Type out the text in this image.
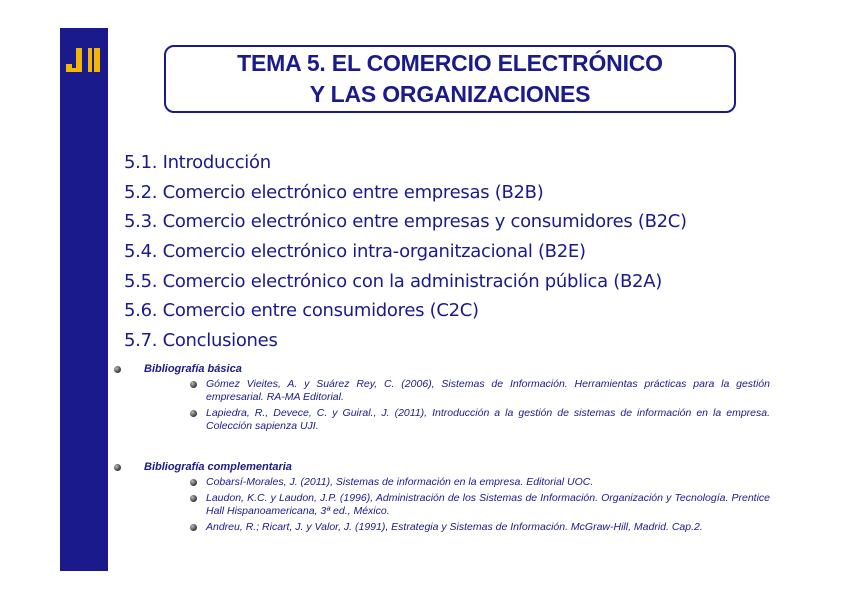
TEMA 5. EL COMERCIO ELECTRÓNICO
Y LAS ORGANIZACIONES
5.1. Introducción
5.2. Comercio electrónico entre empresas (B2B)
5.3. Comercio electrónico entre empresas y consumidores (B2C)
5.4. Comercio electrónico intra-organitzacional (B2E)
5.5. Comercio electrónico con la administración pública (B2A)
5.6. Comercio entre consumidores (C2C)
5.7. Conclusiones
Bibliografía básica
Gómez Vieites, A. y Suárez Rey, C. (2006), Sistemas de Información. Herramientas prácticas para la gestión empresarial. RA-MA Editorial.
Lapiedra, R., Devece, C. y Guiral., J. (2011), Introducción a la gestión de sistemas de información en la empresa. Colección sapienza UJI.
Bibliografía complementaria
Cobarsí-Morales, J. (2011), Sistemas de información en la empresa. Editorial UOC.
Laudon, K.C. y Laudon, J.P. (1996), Administración de los Sistemas de Información. Organización y Tecnología. Prentice Hall Hispanoamericana, 3ª ed., México.
Andreu, R.; Ricart, J. y Valor, J. (1991), Estrategia y Sistemas de Información. McGraw-Hill, Madrid. Cap.2.
